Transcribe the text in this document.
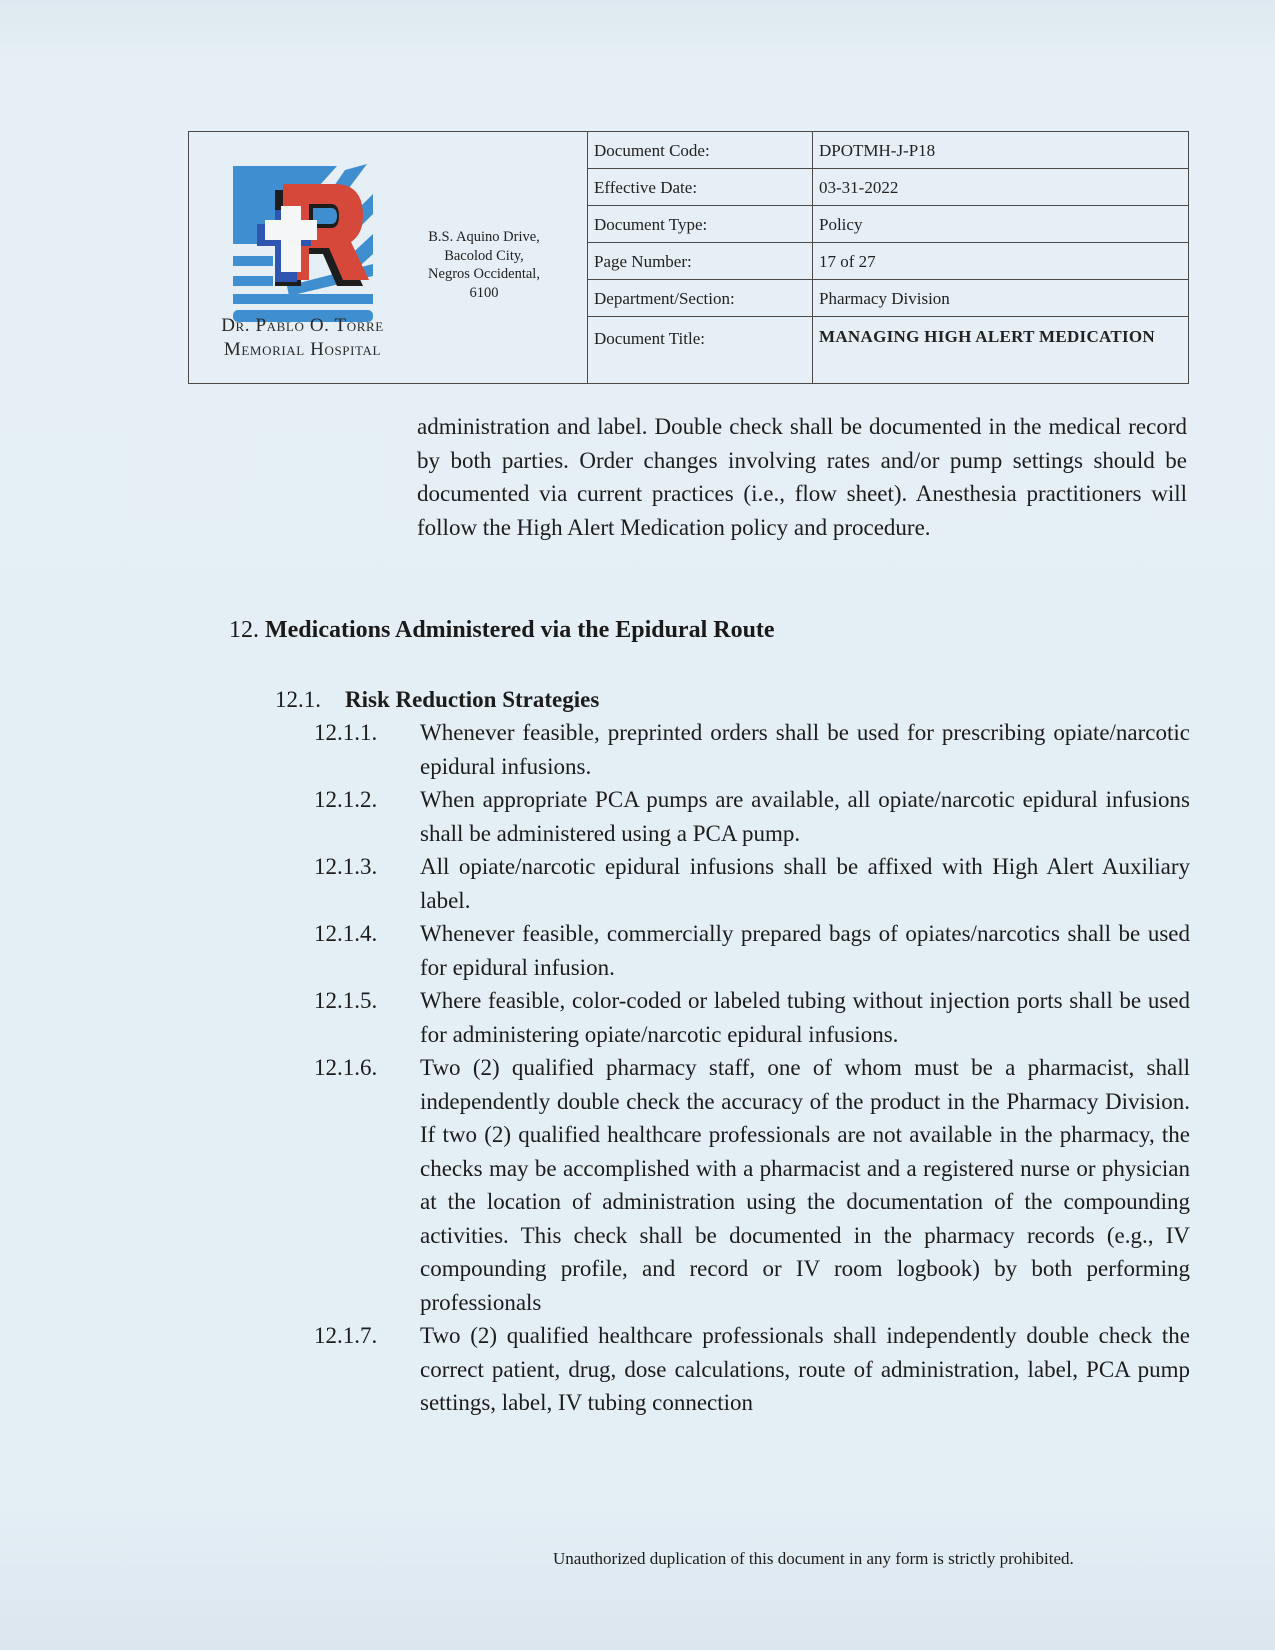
Dr. Pablo O. Torre
Memorial Hospital
B.S. Aquino Drive,
Bacolod City,
Negros Occidental,
6100
Document Code:	DPOTMH-J-P18
Effective Date:	03-31-2022
Document Type:	Policy
Page Number:	17 of 27
Department/Section:	Pharmacy Division
Document Title:	MANAGING HIGH ALERT MEDICATION

administration and label. Double check shall be documented in the medical record by both parties. Order changes involving rates and/or pump settings should be documented via current practices (i.e., flow sheet). Anesthesia practitioners will follow the High Alert Medication policy and procedure.

12. Medications Administered via the Epidural Route
12.1. Risk Reduction Strategies
12.1.1.	Whenever feasible, preprinted orders shall be used for prescribing opiate/narcotic epidural infusions.
12.1.2.	When appropriate PCA pumps are available, all opiate/narcotic epidural infusions shall be administered using a PCA pump.
12.1.3.	All opiate/narcotic epidural infusions shall be affixed with High Alert Auxiliary label.
12.1.4.	Whenever feasible, commercially prepared bags of opiates/narcotics shall be used for epidural infusion.
12.1.5.	Where feasible, color-coded or labeled tubing without injection ports shall be used for administering opiate/narcotic epidural infusions.
12.1.6.	Two (2) qualified pharmacy staff, one of whom must be a pharmacist, shall independently double check the accuracy of the product in the Pharmacy Division. If two (2) qualified healthcare professionals are not available in the pharmacy, the checks may be accomplished with a pharmacist and a registered nurse or physician at the location of administration using the documentation of the compounding activities. This check shall be documented in the pharmacy records (e.g., IV compounding profile, and record or IV room logbook) by both performing professionals
12.1.7.	Two (2) qualified healthcare professionals shall independently double check the correct patient, drug, dose calculations, route of administration, label, PCA pump settings, label, IV tubing connection
Unauthorized duplication of this document in any form is strictly prohibited.
